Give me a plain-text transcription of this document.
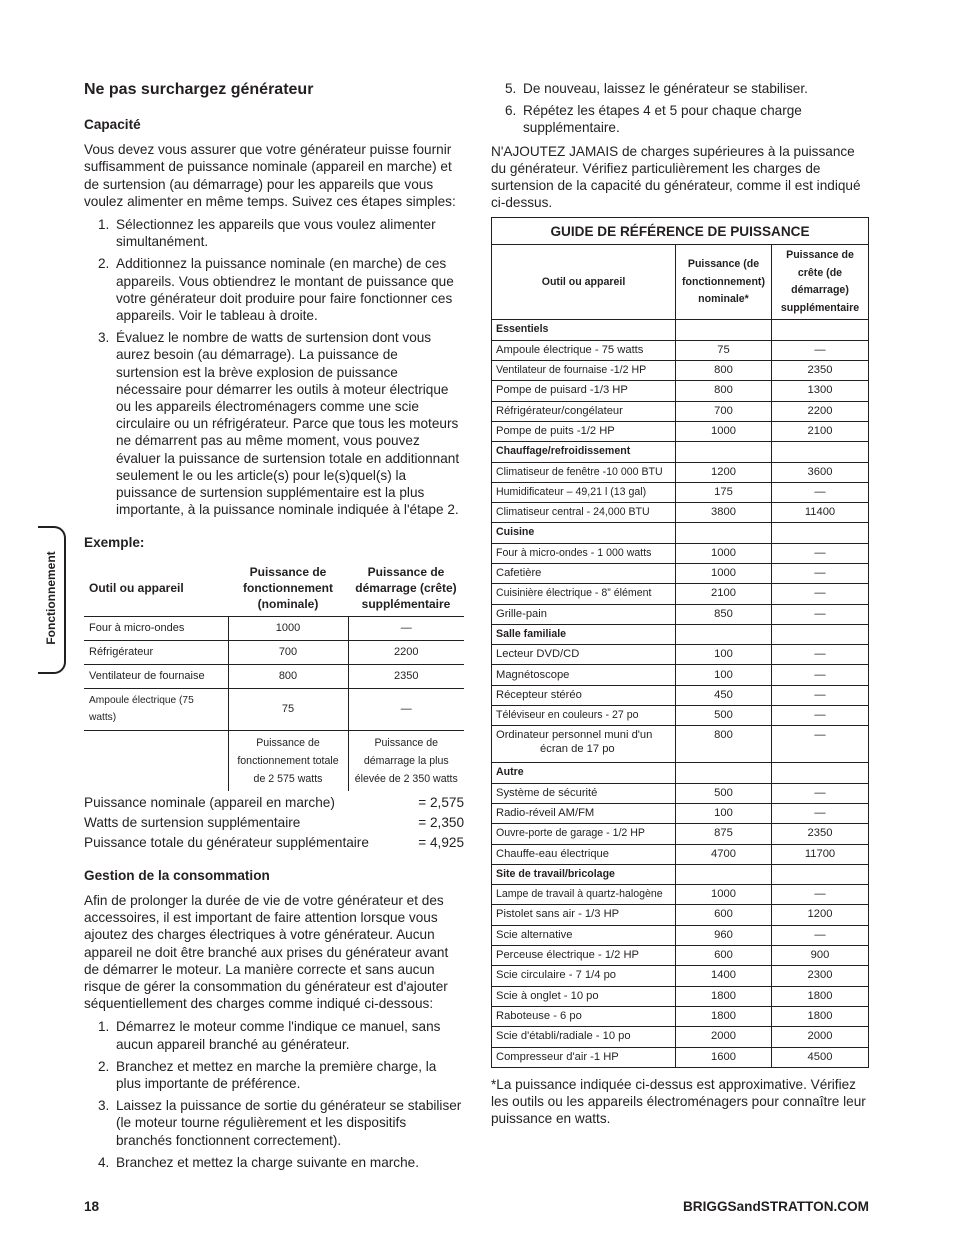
Fonctionnement
Ne pas surchargez générateur
Capacité

Vous devez vous assurer que votre générateur puisse fournir suffisamment de puissance nominale (appareil en marche) et de surtension (au démarrage) pour les appareils que vous voulez alimenter en même temps. Suivez ces étapes simples:

1. Sélectionnez les appareils que vous voulez alimenter simultanément.
2. Additionnez la puissance nominale (en marche) de ces appareils. Vous obtiendrez le montant de puissance que votre générateur doit produire pour faire fonctionner ces appareils. Voir le tableau à droite.
3. Évaluez le nombre de watts de surtension dont vous aurez besoin (au démarrage). La puissance de surtension est la brève explosion de puissance nécessaire pour démarrer les outils à moteur électrique ou les appareils électroménagers comme une scie circulaire ou un réfrigérateur. Parce que tous les moteurs ne démarrent pas au même moment, vous pouvez évaluer la puissance de surtension totale en additionnant seulement le ou les article(s) pour le(s)quel(s) la puissance de surtension supplémentaire est la plus importante, à la puissance nominale indiquée à l'étape 2.
Exemple:
Outil ou appareil	Puissance de fonctionnement (nominale)	Puissance de démarrage (crête) supplémentaire
Four à micro-ondes	1000	—
Réfrigérateur	700	2200
Ventilateur de fournaise	800	2350
Ampoule électrique (75 watts)	75	—
	Puissance de fonctionnement totale de 2 575 watts	Puissance de démarrage la plus élevée de 2 350 watts
Puissance nominale (appareil en marche)	= 2,575
Watts de surtension supplémentaire	= 2,350
Puissance totale du générateur supplémentaire	= 4,925
Gestion de la consommation

Afin de prolonger la durée de vie de votre générateur et des accessoires, il est important de faire attention lorsque vous ajoutez des charges électriques à votre générateur. Aucun appareil ne doit être branché aux prises du générateur avant de démarrer le moteur. La manière correcte et sans aucun risque de gérer la consommation du générateur est d'ajouter séquentiellement des charges comme indiqué ci-dessous:

1. Démarrez le moteur comme l'indique ce manuel, sans aucun appareil branché au générateur.
2. Branchez et mettez en marche la première charge, la plus importante de préférence.
3. Laissez la puissance de sortie du générateur se stabiliser (le moteur tourne régulièrement et les dispositifs branchés fonctionnent correctement).
4. Branchez et mettez la charge suivante en marche.
5. De nouveau, laissez le générateur se stabiliser.
6. Répétez les étapes 4 et 5 pour chaque charge supplémentaire.

N'AJOUTEZ JAMAIS de charges supérieures à la puissance du générateur. Vérifiez particulièrement les charges de surtension de la capacité du générateur, comme il est indiqué ci-dessus.

GUIDE DE RÉFÉRENCE DE PUISSANCE		
Outil ou appareil	Puissance (de fonctionnement) nominale*	Puissance de crête (de démarrage) supplémentaire
Essentiels		
Ampoule électrique - 75 watts	75	—
Ventilateur de fournaise -1/2 HP	800	2350
Pompe de puisard -1/3 HP	800	1300
Réfrigérateur/congélateur	700	2200
Pompe de puits -1/2 HP	1000	2100
Chauffage/refroidissement		
Climatiseur de fenêtre -10 000 BTU	1200	3600
Humidificateur – 49,21 l (13 gal)	175	—
Climatiseur central - 24,000 BTU	3800	11400
Cuisine		
Four à micro-ondes - 1 000 watts	1000	—
Cafetière	1000	—
Cuisinière électrique - 8” élément	2100	—
Grille-pain	850	—
Salle familiale		
Lecteur DVD/CD	100	—
Magnétoscope	100	—
Récepteur stéréo	450	—
Téléviseur en couleurs - 27 po	500	—
Ordinateur personnel muni d'un
écran de 17 po	800	—
Autre		
Système de sécurité	500	—
Radio-réveil AM/FM	100	—
Ouvre-porte de garage - 1/2 HP	875	2350
Chauffe-eau électrique	4700	11700
Site de travail/bricolage		
Lampe de travail à quartz-halogène	1000	—
Pistolet sans air - 1/3 HP	600	1200
Scie alternative	960	—
Perceuse électrique - 1/2 HP	600	900
Scie circulaire - 7 1/4 po	1400	2300
Scie à onglet - 10 po	1800	1800
Raboteuse - 6 po	1800	1800
Scie d'établi/radiale - 10 po	2000	2000
Compresseur d'air -1 HP	1600	4500

*La puissance indiquée ci-dessus est approximative. Vérifiez les outils ou les appareils électroménagers pour connaître leur puissance en watts.

18	BRIGGSandSTRATTON.COM
